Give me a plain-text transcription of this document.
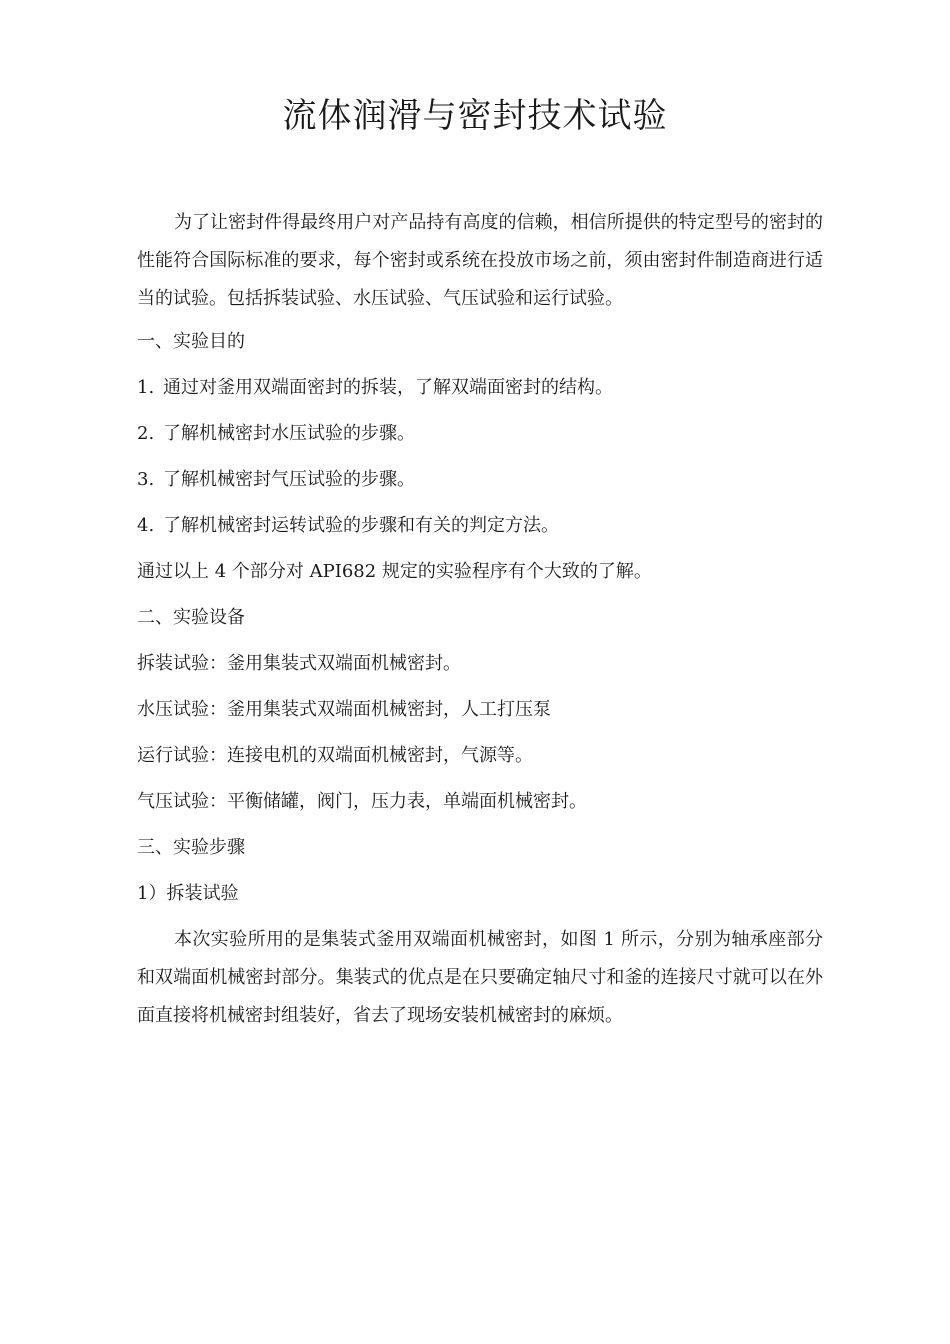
流体润滑与密封技术试验

为了让密封件得最终用户对产品持有高度的信赖，相信所提供的特定型号的密封的性能符合国际标准的要求，每个密封或系统在投放市场之前，须由密封件制造商进行适当的试验。包括拆装试验、水压试验、气压试验和运行试验。

一、实验目的

1. 通过对釜用双端面密封的拆装，了解双端面密封的结构。

2. 了解机械密封水压试验的步骤。

3. 了解机械密封气压试验的步骤。

4. 了解机械密封运转试验的步骤和有关的判定方法。

通过以上 4 个部分对 API682 规定的实验程序有个大致的了解。

二、实验设备

拆装试验：釜用集装式双端面机械密封。

水压试验：釜用集装式双端面机械密封，人工打压泵

运行试验：连接电机的双端面机械密封，气源等。

气压试验：平衡储罐，阀门，压力表，单端面机械密封。

三、实验步骤

1）拆装试验

本次实验所用的是集装式釜用双端面机械密封，如图 1 所示，分别为轴承座部分和双端面机械密封部分。集装式的优点是在只要确定轴尺寸和釜的连接尺寸就可以在外面直接将机械密封组装好，省去了现场安装机械密封的麻烦。
